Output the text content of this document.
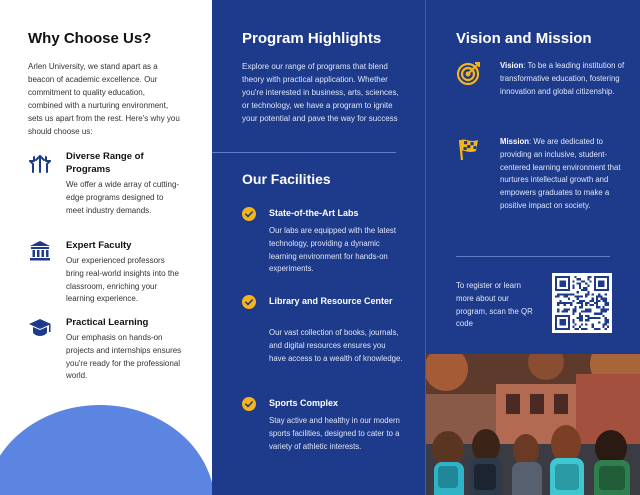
Why Choose Us?

Arlen University, we stand apart as a beacon of academic excellence. Our commitment to quality education, combined with a nurturing environment, sets us apart from the rest. Here's why you should choose us:

Diverse Range of Programs
We offer a wide array of cutting-edge programs designed to meet industry demands.
Expert Faculty
Our experienced professors bring real-world insights into the classroom, enriching your learning experience.
Practical Learning
Our emphasis on hands-on projects and internships ensures you're ready for the professional world.
Program Highlights

Explore our range of programs that blend theory with practical application. Whether you're interested in business, arts, sciences, or technology, we have a program to ignite your potential and pave the way for success

Our Facilities
State-of-the-Art Labs
Our labs are equipped with the latest technology, providing a dynamic learning environment for hands-on experiments.
Library and Resource Center
Our vast collection of books, journals, and digital resources ensures you have access to a wealth of knowledge.
Sports Complex
Stay active and healthy in our modern sports facilities, designed to cater to a variety of athletic interests.
Vision and Mission
Vision: To be a leading institution of transformative education, fostering innovation and global citizenship.
Mission: We are dedicated to providing an inclusive, student-centered learning environment that nurtures intellectual growth and empowers graduates to make a positive impact on society.

To register or learn more about our program, scan the QR code
